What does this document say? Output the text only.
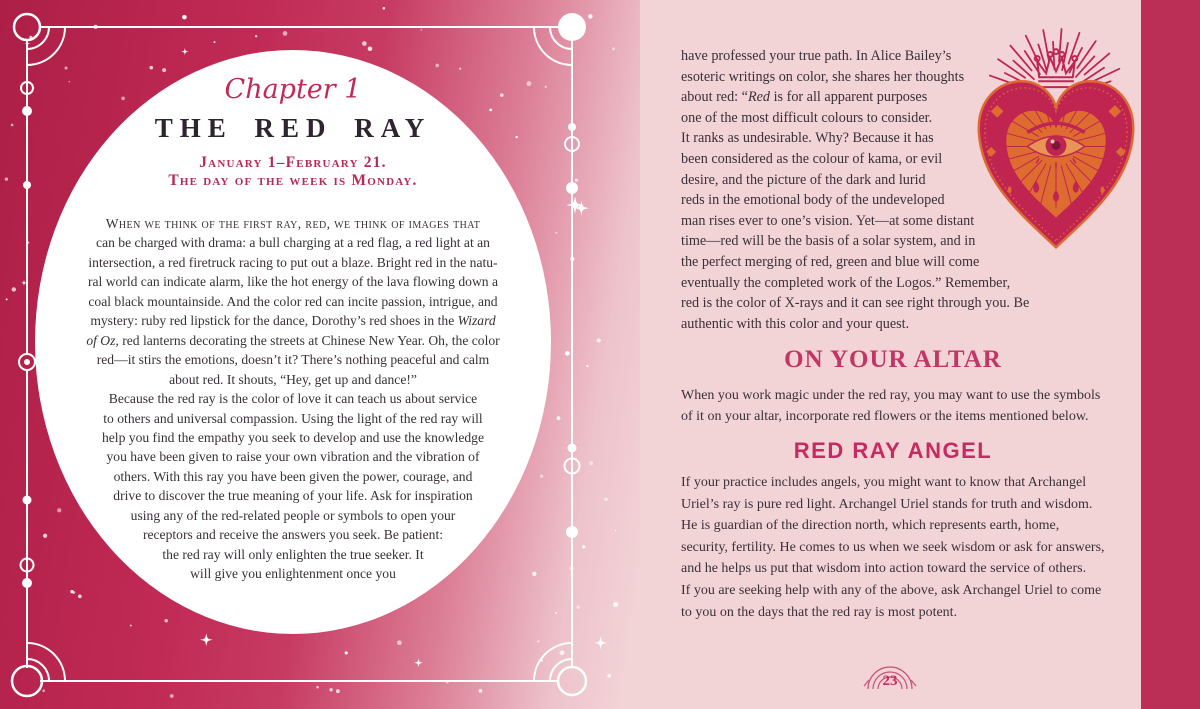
Chapter 1
THE RED RAY
January 1–February 21.
The day of the week is Monday.
When we think of the first ray, red, we think of images that
can be charged with drama: a bull charging at a red flag, a red light at an
intersection, a red firetruck racing to put out a blaze. Bright red in the natu-
ral world can indicate alarm, like the hot energy of the lava flowing down a
coal black mountainside. And the color red can incite passion, intrigue, and
mystery: ruby red lipstick for the dance, Dorothy’s red shoes in the Wizard
of Oz, red lanterns decorating the streets at Chinese New Year. Oh, the color
red—it stirs the emotions, doesn’t it? There’s nothing peaceful and calm
about red. It shouts, “Hey, get up and dance!”
Because the red ray is the color of love it can teach us about service
to others and universal compassion. Using the light of the red ray will
help you find the empathy you seek to develop and use the knowledge
you have been given to raise your own vibration and the vibration of
others. With this ray you have been given the power, courage, and
drive to discover the true meaning of your life. Ask for inspiration
using any of the red-related people or symbols to open your
receptors and receive the answers you seek. Be patient:
the red ray will only enlighten the true seeker. It
will give you enlightenment once you
have professed your true path. In Alice Bailey’s
esoteric writings on color, she shares her thoughts
about red: “Red is for all apparent purposes
one of the most difficult colours to consider.
It ranks as undesirable. Why? Because it has
been considered as the colour of kama, or evil
desire, and the picture of the dark and lurid
reds in the emotional body of the undeveloped
man rises ever to one’s vision. Yet—at some distant
time—red will be the basis of a solar system, and in
the perfect merging of red, green and blue will come
eventually the completed work of the Logos.” Remember,
red is the color of X-rays and it can see right through you. Be
authentic with this color and your quest.
ON YOUR ALTAR
When you work magic under the red ray, you may want to use the symbols
of it on your altar, incorporate red flowers or the items mentioned below.
RED RAY ANGEL
If your practice includes angels, you might want to know that Archangel
Uriel’s ray is pure red light. Archangel Uriel stands for truth and wisdom.
He is guardian of the direction north, which represents earth, home,
security, fertility. He comes to us when we seek wisdom or ask for answers,
and he helps us put that wisdom into action toward the service of others.
If you are seeking help with any of the above, ask Archangel Uriel to come
to you on the days that the red ray is most potent.
23
